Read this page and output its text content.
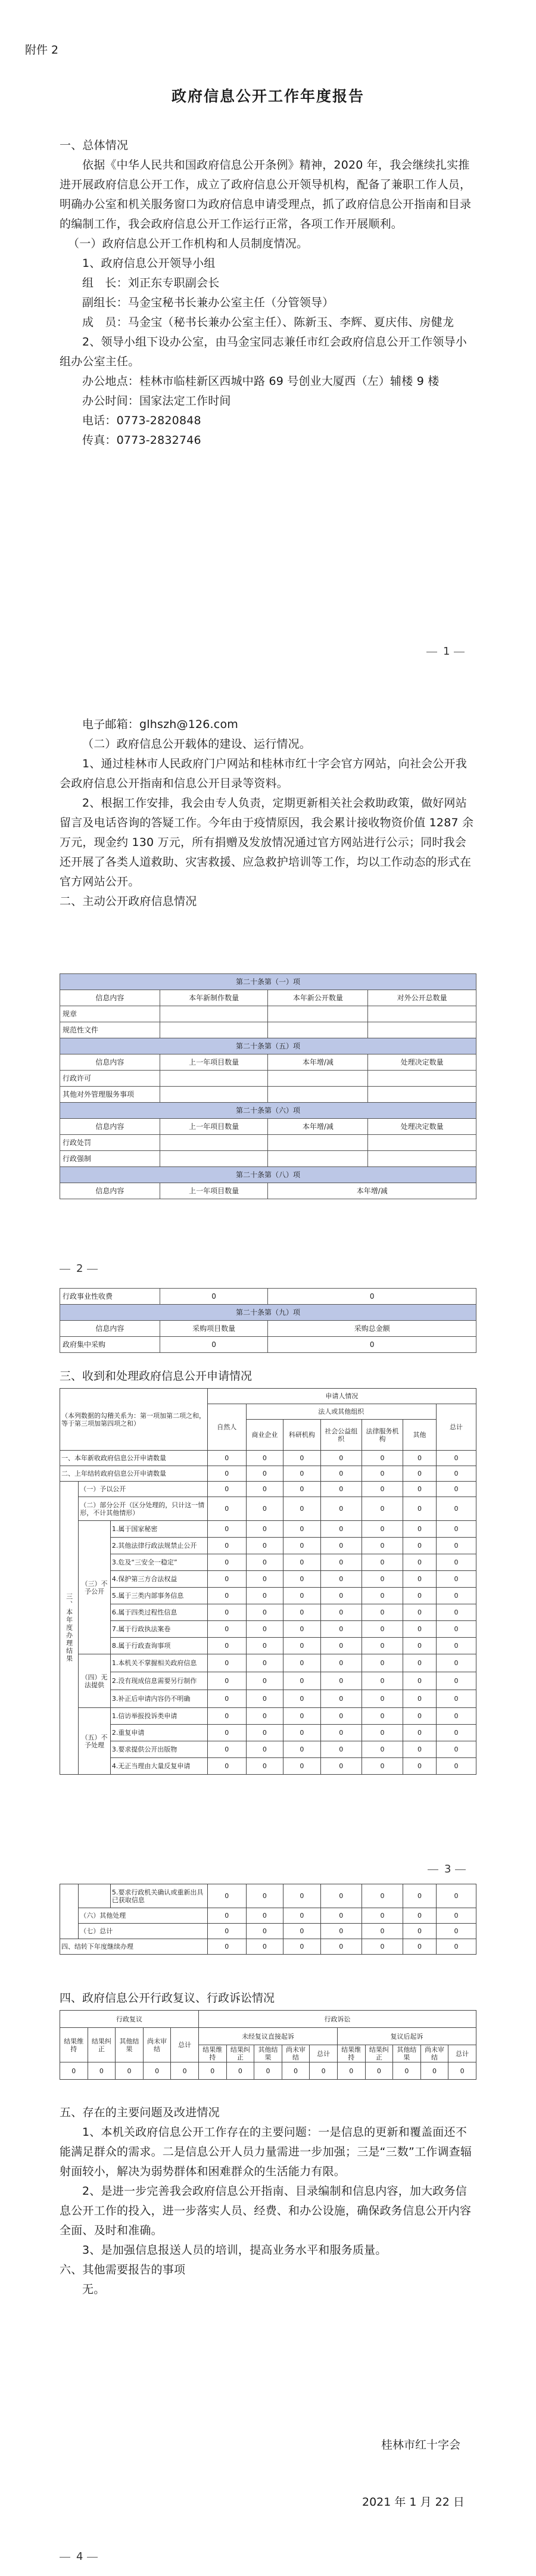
附件 2

政府信息公开工作年度报告

一、总体情况

依据《中华人民共和国政府信息公开条例》精神，2020 年，我会继续扎实推进开展政府信息公开工作，成立了政府信息公开领导机构，配备了兼职工作人员，明确办公室和机关服务窗口为政府信息申请受理点，抓了政府信息公开指南和目录的编制工作，我会政府信息公开工作运行正常，各项工作开展顺利。

（一）政府信息公开工作机构和人员制度情况。

1、政府信息公开领导小组

组　长：刘正东专职副会长

副组长：马金宝秘书长兼办公室主任（分管领导）

成　员：马金宝（秘书长兼办公室主任）、陈新玉、李辉、夏庆伟、房健龙

2、领导小组下设办公室，由马金宝同志兼任市红会政府信息公开工作领导小组办公室主任。

办公地点：桂林市临桂新区西城中路 69 号创业大厦西（左）辅楼 9 楼

办公时间：国家法定工作时间

电话：0773-2820848

传真：0773-2832746

1

电子邮箱：glhszh@126.com

（二）政府信息公开载体的建设、运行情况。

1、通过桂林市人民政府门户网站和桂林市红十字会官方网站，向社会公开我会政府信息公开指南和信息公开目录等资料。

2、根据工作安排，我会由专人负责，定期更新相关社会救助政策，做好网站留言及电话咨询的答疑工作。今年由于疫情原因，我会累计接收物资价值 1287 余万元，现金约 130 万元，所有捐赠及发放情况通过官方网站进行公示；同时我会还开展了各类人道救助、灾害救援、应急救护培训等工作，均以工作动态的形式在官方网站公开。

二、主动公开政府信息情况

第二十条第（一）项			
信息内容	本年新制作数量	本年新公开数量	对外公开总数量
规章			
规范性文件			
第二十条第（五）项			
信息内容	上一年项目数量	本年增/减	处理决定数量
行政许可			
其他对外管理服务事项			
第二十条第（六）项			
信息内容	上一年项目数量	本年增/减	处理决定数量
行政处罚			
行政强制			
第二十条第（八）项			
信息内容	上一年项目数量	本年增/减	
2
行政事业性收费	0	0
第二十条第（九）项		
信息内容	采购项目数量	采购总金额
政府集中采购	0	0

三、收到和处理政府信息公开申请情况

（本列数据的勾稽关系为：第一项加第二项之和，等于第三项加第四项之和）			申请人情况						
			自然人	法人或其他组织					总计
				商业企业	科研机构	社会公益组织	法律服务机构	其他	
一、本年新收政府信息公开申请数量			0	0	0	0	0	0	0
二、上年结转政府信息公开申请数量			0	0	0	0	0	0	0
三、本年度办理结果	（一）予以公开		0	0	0	0	0	0	0
	（二）部分公开（区分处理的，只计这一情形，不计其他情形）		0	0	0	0	0	0	0
	（三）不予公开	1.属于国家秘密	0	0	0	0	0	0	0
		2.其他法律行政法规禁止公开	0	0	0	0	0	0	0
		3.危及“三安全一稳定”	0	0	0	0	0	0	0
		4.保护第三方合法权益	0	0	0	0	0	0	0
		5.属于三类内部事务信息	0	0	0	0	0	0	0
		6.属于四类过程性信息	0	0	0	0	0	0	0
		7.属于行政执法案卷	0	0	0	0	0	0	0
		8.属于行政查询事项	0	0	0	0	0	0	0
	（四）无法提供	1.本机关不掌握相关政府信息	0	0	0	0	0	0	0
		2.没有现成信息需要另行制作	0	0	0	0	0	0	0
		3.补正后申请内容仍不明确	0	0	0	0	0	0	0
	（五）不予处理	1.信访举报投诉类申请	0	0	0	0	0	0	0
		2.重复申请	0	0	0	0	0	0	0
		3.要求提供公开出版物	0	0	0	0	0	0	0
		4.无正当理由大量反复申请	0	0	0	0	0	0	0
3
		5.要求行政机关确认或重新出具已获取信息	0	0	0	0	0	0	0
	（六）其他处理		0	0	0	0	0	0	0
	（七）总计		0	0	0	0	0	0	0
四、结转下年度继续办理			0	0	0	0	0	0	0

四、政府信息公开行政复议、行政诉讼情况

行政复议					行政诉讼									
结果维持	结果纠正	其他结果	尚未审结	总计	未经复议直接起诉					复议后起诉				
					结果维持	结果纠正	其他结果	尚未审结	总计	结果维持	结果纠正	其他结果	尚未审结	总计
0	0	0	0	0	0	0	0	0	0	0	0	0	0	0

五、存在的主要问题及改进情况

1、本机关政府信息公开工作存在的主要问题：一是信息的更新和覆盖面还不能满足群众的需求。二是信息公开人员力量需进一步加强；三是“三数”工作调查辐射面较小，解决为弱势群体和困难群众的生活能力有限。

2、是进一步完善我会政府信息公开指南、目录编制和信息内容，加大政务信息公开工作的投入，进一步落实人员、经费、和办公设施，确保政务信息公开内容全面、及时和准确。

3、是加强信息报送人员的培训，提高业务水平和服务质量。

六、其他需要报告的事项

无。

桂林市红十字会
2021 年 1 月 22 日
4
